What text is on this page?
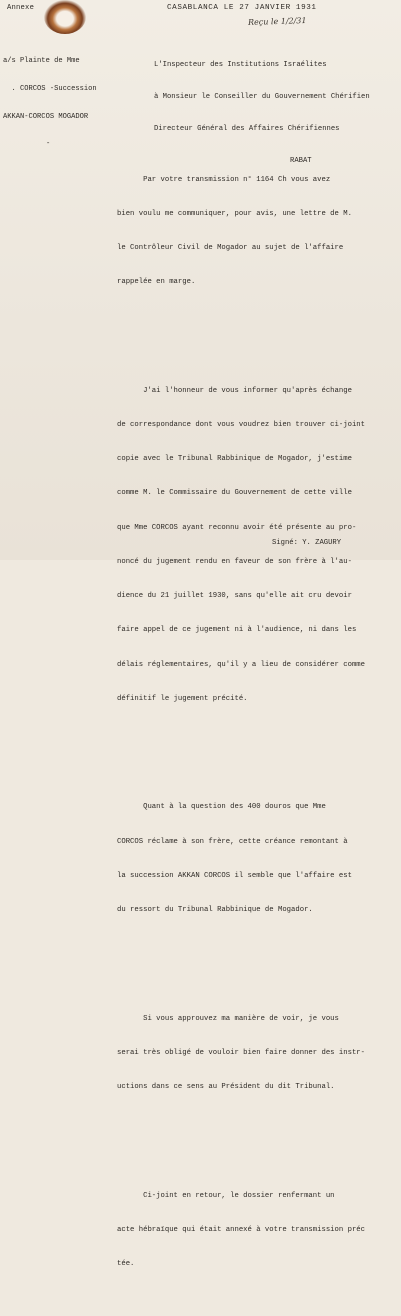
Annexe	CASABLANCA LE 27 JANVIER 1931
Reçu le 1/2/31

a/s Plainte de Mme

. CORCOS -Succession

AKKAN-CORCOS MOGADOR

-

L'Inspecteur des Institutions Israélites

à Monsieur le Conseiller du Gouvernement Chérifien

Directeur Général des Affaires Chérifiennes

RABAT

Par votre transmission n° 1164 Ch vous avez

bien voulu me communiquer, pour avis, une lettre de M.

le Contrôleur Civil de Mogador au sujet de l'affaire

rappelée en marge.

J'ai l'honneur de vous informer qu'après échange

de correspondance dont vous voudrez bien trouver ci-joint

copie avec le Tribunal Rabbinique de Mogador, j'estime

comme M. le Commissaire du Gouvernement de cette ville

que Mme CORCOS ayant reconnu avoir été présente au pro-

noncé du jugement rendu en faveur de son frère à l'au-

dience du 21 juillet 1930, sans qu'elle ait cru devoir

faire appel de ce jugement ni à l'audience, ni dans les

délais réglementaires, qu'il y a lieu de considérer comme

définitif le jugement précité.

Quant à la question des 400 douros que Mme

CORCOS réclame à son frère, cette créance remontant à

la succession AKKAN CORCOS il semble que l'affaire est

du ressort du Tribunal Rabbinique de Mogador.

Si vous approuvez ma manière de voir, je vous

serai très obligé de vouloir bien faire donner des instr-

uctions dans ce sens au Président du dit Tribunal.

Ci-joint en retour, le dossier renfermant un

acte hébraïque qui était annexé à votre transmission préc

tée.

Signé: Y. ZAGURY
